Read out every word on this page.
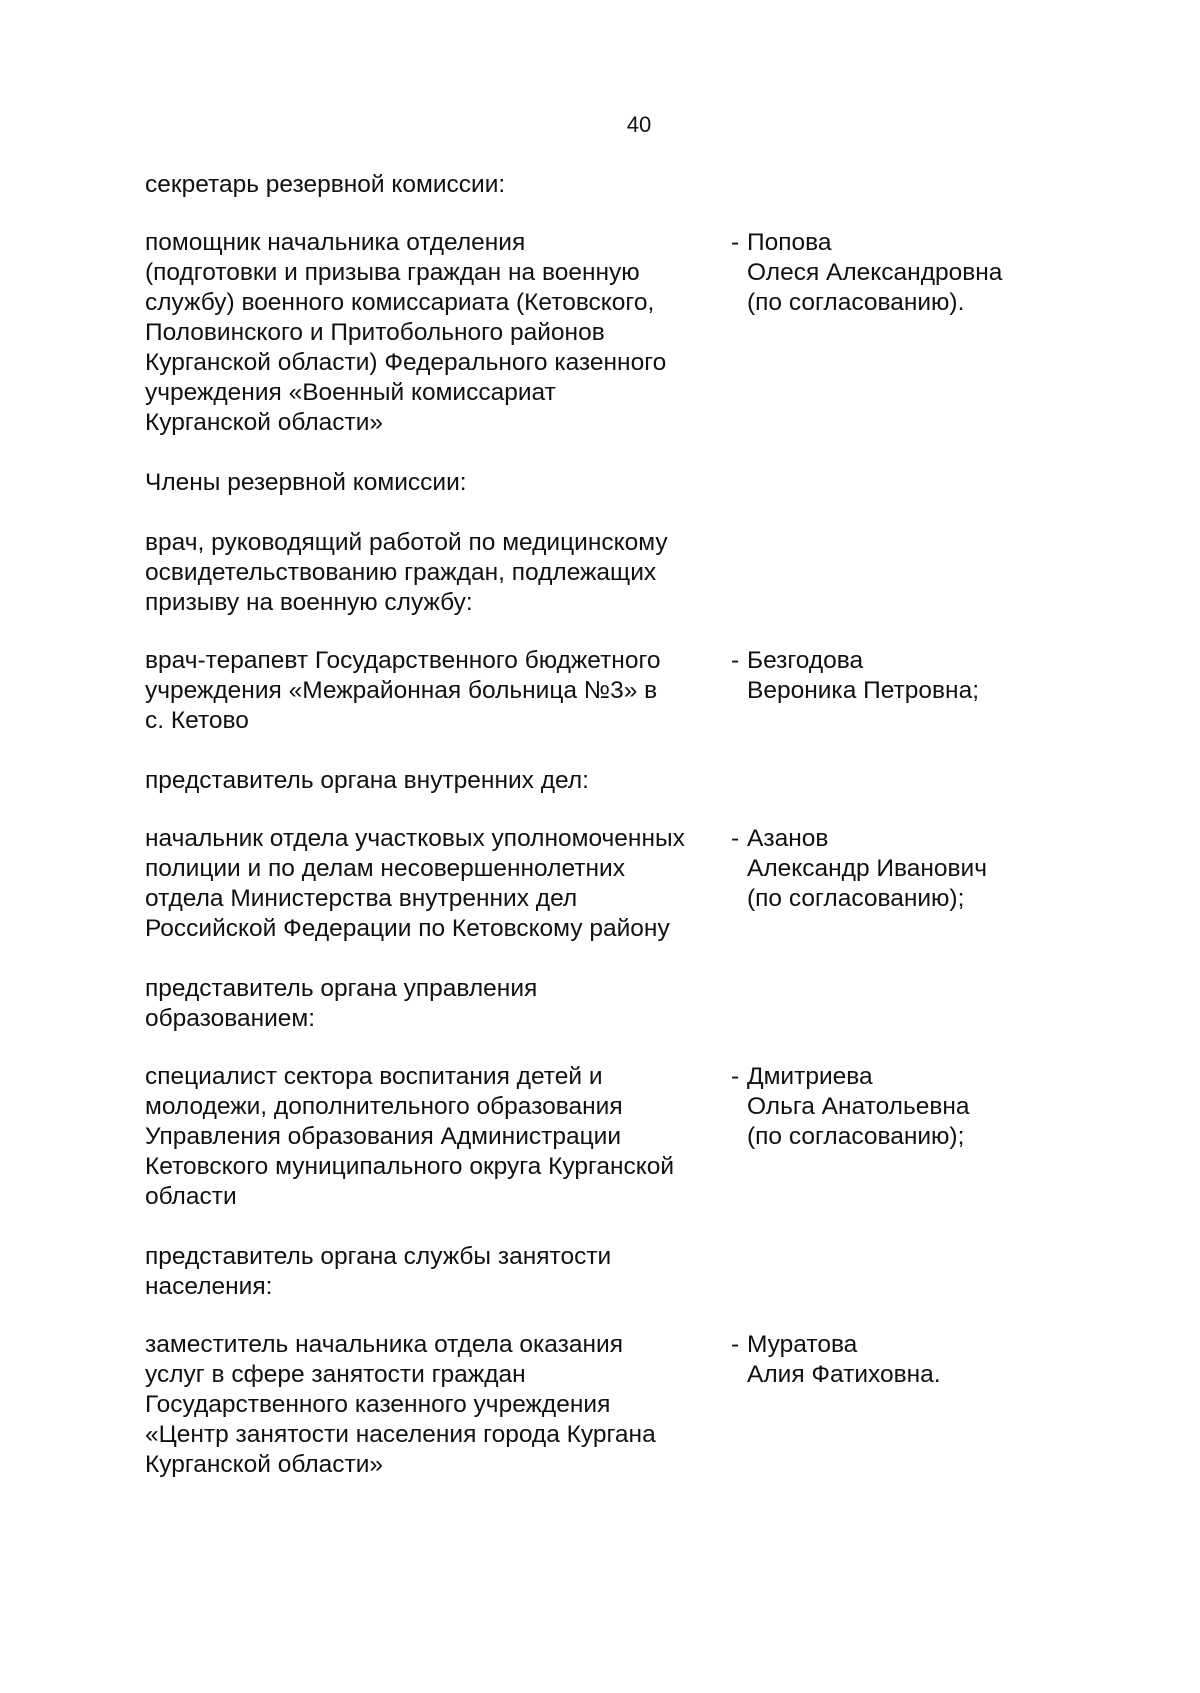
40

секретарь резервной комиссии:

помощник начальника отделения
(подготовки и призыва граждан на военную
службу) военного комиссариата (Кетовского,
Половинского и Притобольного районов
Курганской области) Федерального казенного
учреждения «Военный комиссариат
Курганской области»
- Попова
Олеся Александровна
(по согласованию).

Члены резервной комиссии:

врач, руководящий работой по медицинскому
освидетельствованию граждан, подлежащих
призыву на военную службу:
врач-терапевт Государственного бюджетного
учреждения «Межрайонная больница №3» в
с. Кетово
- Безгодова
Вероника Петровна;

представитель органа внутренних дел:

начальник отдела участковых уполномоченных
полиции и по делам несовершеннолетних
отдела Министерства внутренних дел
Российской Федерации по Кетовскому району
- Азанов
Александр Иванович
(по согласованию);
представитель органа управления
образованием:
специалист сектора воспитания детей и
молодежи, дополнительного образования
Управления образования Администрации
Кетовского муниципального округа Курганской
области
- Дмитриева
Ольга Анатольевна
(по согласованию);
представитель органа службы занятости
населения:
заместитель начальника отдела оказания
услуг в сфере занятости граждан
Государственного казенного учреждения
«Центр занятости населения города Кургана
Курганской области»
- Муратова
Алия Фатиховна.
